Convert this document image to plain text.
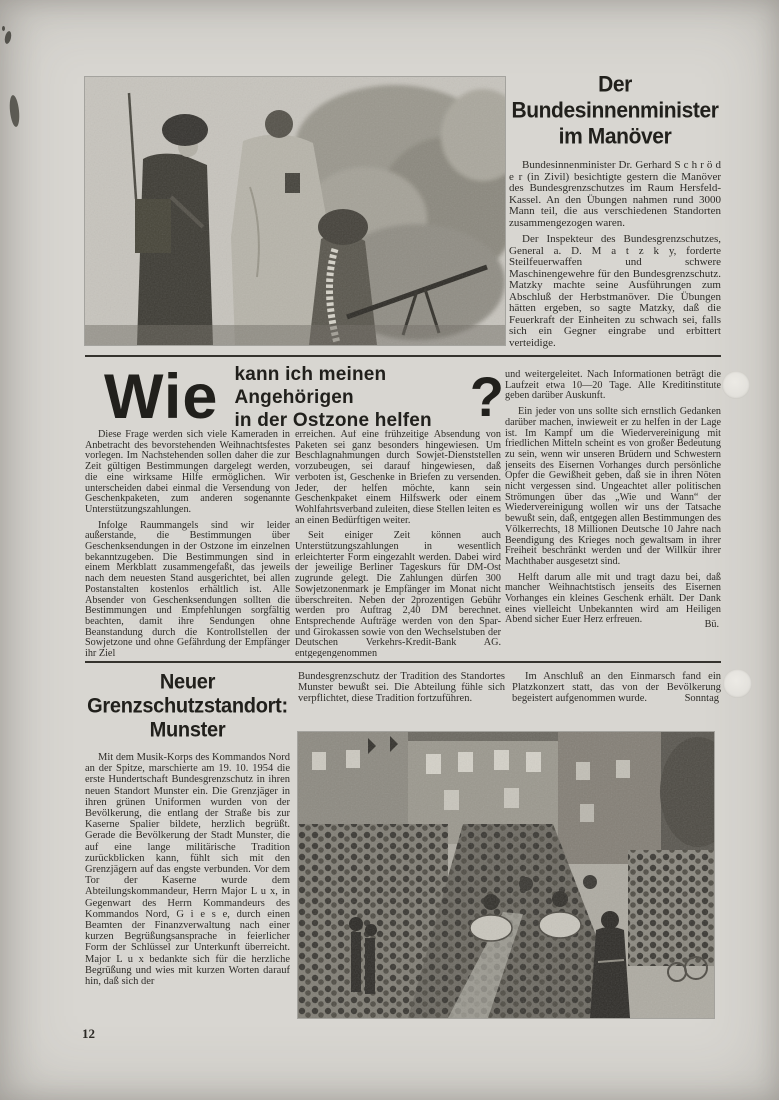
Der Bundesinnenminister
im Manöver

Bundesinnenminister Dr. Gerhard S c h r ö d e r (in Zivil) besichtigte gestern die Manöver des Bundesgrenzschutzes im Raum Hersfeld-Kassel. An den Übungen nahmen rund 3000 Mann teil, die aus verschiedenen Standorten zusammengezogen waren.

Der Inspekteur des Bundesgrenzschutzes, General a. D. M a t z k y, forderte Steilfeuerwaffen und schwere Maschinengewehre für den Bundesgrenzschutz. Matzky machte seine Ausführungen zum Abschluß der Herbstmanöver. Die Übungen hätten ergeben, so sagte Matzky, daß die Feuerkraft der Einheiten zu schwach sei, falls sich ein Gegner eingrabe und erbittert verteidige.

Wie kann ich meinen Angehörigen
in der Ostzone helfen ?

Diese Frage werden sich viele Kameraden in Anbetracht des bevorstehenden Weihnachtsfestes vorlegen. Im Nachstehenden sollen daher die zur Zeit gültigen Bestimmungen dargelegt werden, die eine wirksame Hilfe ermöglichen. Wir unterscheiden dabei einmal die Versendung von Geschenkpaketen, zum anderen sogenannte Unterstützungszahlungen.

Infolge Raummangels sind wir leider außerstande, die Bestimmungen über Geschenksendungen in der Ostzone im einzelnen bekanntzugeben. Die Bestimmungen sind in einem Merkblatt zusammengefaßt, das jeweils nach dem neuesten Stand ausgerichtet, bei allen Postanstalten kostenlos erhältlich ist. Alle Absender von Geschenksendungen sollten die Bestimmungen und Empfehlungen sorgfältig beachten, damit ihre Sendungen ohne Beanstandung durch die Kontrollstellen der Sowjetzone und ohne Gefährdung der Empfänger ihr Ziel

erreichen. Auf eine frühzeitige Absendung von Paketen sei ganz besonders hingewiesen. Um Beschlagnahmungen durch Sowjet-Dienststellen vorzubeugen, sei darauf hingewiesen, daß verboten ist, Geschenke in Briefen zu versenden. Jeder, der helfen möchte, kann sein Geschenkpaket einem Hilfswerk oder einem Wohlfahrtsverband zuleiten, diese Stellen leiten es an einen Bedürftigen weiter.

Seit einiger Zeit können auch Unterstützungszahlungen in wesentlich erleichterter Form eingezahlt werden. Dabei wird der jeweilige Berliner Tageskurs für DM-Ost zugrunde gelegt. Die Zahlungen dürfen 300 Sowjetzonenmark je Empfänger im Monat nicht überschreiten. Neben der 2prozentigen Gebühr werden pro Auftrag 2,40 DM berechnet. Entsprechende Aufträge werden von den Spar- und Girokassen sowie von den Wechselstuben der Deutschen Verkehrs-Kredit-Bank AG. entgegengenommen

und weitergeleitet. Nach Informationen beträgt die Laufzeit etwa 10—20 Tage. Alle Kreditinstitute geben darüber Auskunft.

Ein jeder von uns sollte sich ernstlich Gedanken darüber machen, inwieweit er zu helfen in der Lage ist. Im Kampf um die Wiedervereinigung mit friedlichen Mitteln scheint es von großer Bedeutung zu sein, wenn wir unseren Brüdern und Schwestern jenseits des Eisernen Vorhanges durch persönliche Opfer die Gewißheit geben, daß sie in ihren Nöten nicht vergessen sind. Ungeachtet aller politischen Strömungen über das „Wie und Wann“ der Wiedervereinigung wollen wir uns der Tatsache bewußt sein, daß, entgegen allen Bestimmungen des Völkerrechts, 18 Millionen Deutsche 10 Jahre nach Beendigung des Krieges noch gewaltsam in ihrer Freiheit beschränkt werden und der Willkür ihrer Machthaber ausgesetzt sind.

Helft darum alle mit und tragt dazu bei, daß mancher Weihnachtstisch jenseits des Eisernen Vorhanges ein kleines Geschenk erhält. Der Dank eines vielleicht Unbekannten wird am Heiligen Abend sicher Euer Herz erfreuen.	Bü.
Neuer
Grenzschutzstandort:
Munster

Mit dem Musik-Korps des Kommandos Nord an der Spitze, marschierte am 19. 10. 1954 die erste Hundertschaft Bundesgrenzschutz in ihren neuen Standort Munster ein. Die Grenzjäger in ihren grünen Uniformen wurden von der Bevölkerung, die entlang der Straße bis zur Kaserne Spalier bildete, herzlich begrüßt. Gerade die Bevölkerung der Stadt Munster, die auf eine lange militärische Tradition zurückblicken kann, fühlt sich mit den Grenzjägern auf das engste verbunden. Vor dem Tor der Kaserne wurde dem Abteilungskommandeur, Herrn Major L u x, in Gegenwart des Herrn Kommandeurs des Kommandos Nord, G i e s e, durch einen Beamten der Finanzverwaltung nach einer kurzen Begrüßungsansprache in feierlicher Form der Schlüssel zur Unterkunft überreicht. Major L u x bedankte sich für die herzliche Begrüßung und wies mit kurzen Worten darauf hin, daß sich der

Bundesgrenzschutz der Tradition des Standortes Munster bewußt sei. Die Abteilung fühle sich verpflichtet, diese Tradition fortzuführen.

Im Anschluß an den Einmarsch fand ein Platzkonzert statt, das von der Bevölkerung begeistert aufgenommen wurde.	Sonntag
12
